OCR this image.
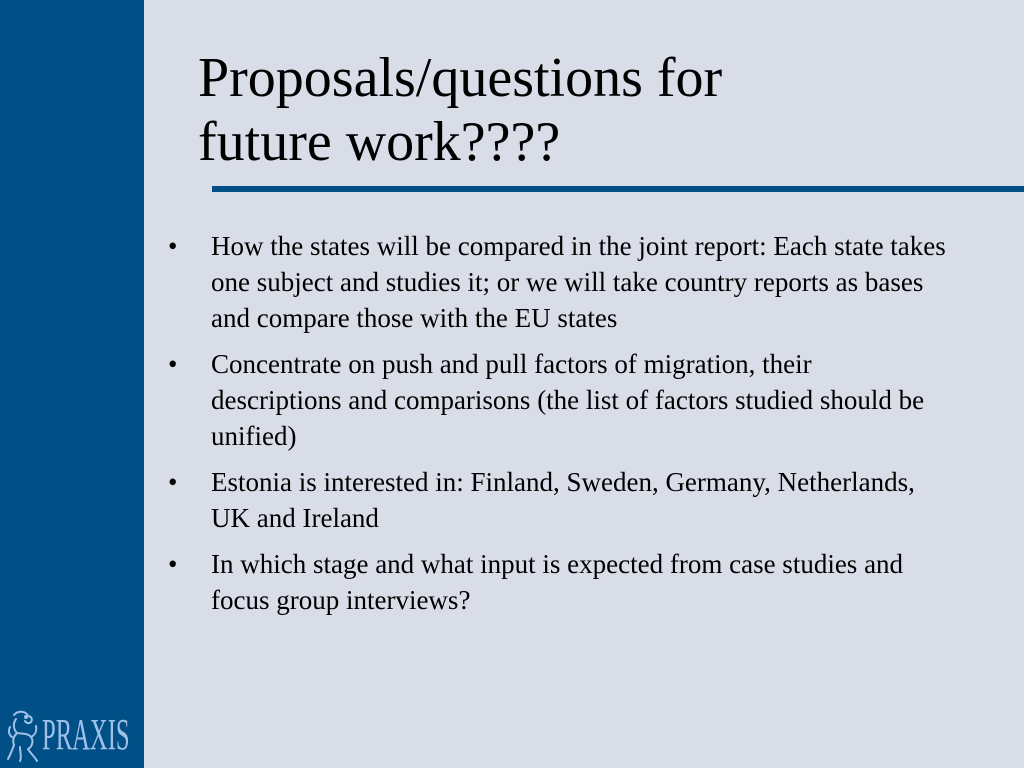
PRAXIS
Proposals/questions for
future work????
• How the states will be compared in the joint report: Each state takes one subject and studies it; or we will take country reports as bases and compare those with the EU states
• Concentrate on push and pull factors of migration, their descriptions and comparisons (the list of factors studied should be unified)
• Estonia is interested in: Finland, Sweden, Germany, Netherlands, UK and Ireland
• In which stage and what input is expected from case studies and focus group interviews?
